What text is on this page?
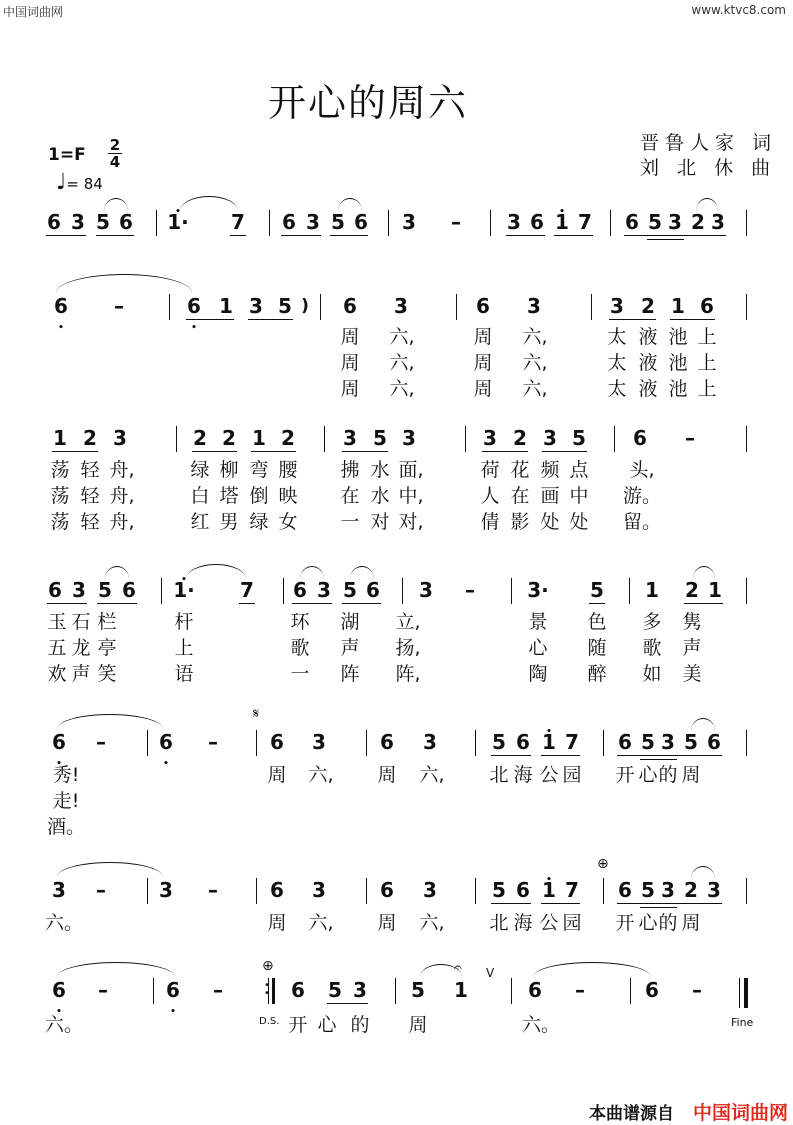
中国词曲网	www.ktvc8.com
开心的周六
晋鲁人家 词
刘 北 休 曲
$1=F \frac{2}{4}$
♩= 84
6 3 5 6 • 1· 7 6 3 5 6 3 – 3 6 • 1 7 6 5 3 2 3
6 • –	6 • 1 3 5 ) 6 3	6 3	3 2 1 6
周 六,	周 六,	太 液 池 上
周 六,	周 六,	太 液 池 上
周 六,	周 六,	太 液 池 上
1 2 3	2 2 1 2 3 5 3	3 2 3 5 6 –
荡 轻 舟,	绿 柳 弯 腰 拂 水 面,	荷 花 频 点 头,
荡 轻 舟,	白 塔 倒 映 在 水 中,	人 在 画 中 游。
荡 轻 舟,	红 男 绿 女 一 对 对,	倩 影 处 处 留。
6 3 5 6 • 1· 7 6 3 5 6 3 –	3· 5 1 2 1
玉 石 栏	杆	环 湖 立,	景 色 多 隽
五 龙 亭	上	歌 声 扬,	心 随 歌 声
欢 声 笑	语	一 阵 阵,	陶 醉 如 美
𝄋
6 • –	6 • –	6 3	6 3	5 6 • 1 7 6 5 3 5 6
秀!	周 六, 周 六, 北 海 公 园 开 心 的 周
走!
酒。
⊕
3 –	3 –	6 3	6 3	5 6 • 1 7 6 5 3 2 3
六。	周 六, 周 六, 北 海 公 园 开 心 的 周
⊕	𝄐 V
6 • –	6 • –	•
• 6 5 3 5 1	6 –	6 –
六。	开 心 的 周	六。
D.S.	Fine
本曲谱源自 中国词曲网
